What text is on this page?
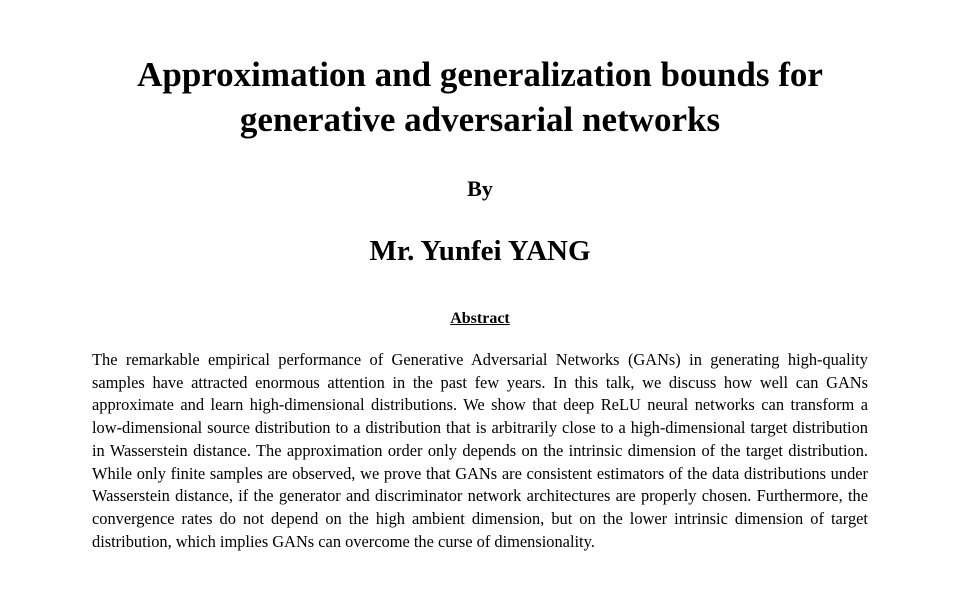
Approximation and generalization bounds for generative adversarial networks

By

Mr. Yunfei YANG

Abstract

The remarkable empirical performance of Generative Adversarial Networks (GANs) in generating high-quality samples have attracted enormous attention in the past few years. In this talk, we discuss how well can GANs approximate and learn high-dimensional distributions. We show that deep ReLU neural networks can transform a low-dimensional source distribution to a distribution that is arbitrarily close to a high-dimensional target distribution in Wasserstein distance. The approximation order only depends on the intrinsic dimension of the target distribution. While only finite samples are observed, we prove that GANs are consistent estimators of the data distributions under Wasserstein distance, if the generator and discriminator network architectures are properly chosen. Furthermore, the convergence rates do not depend on the high ambient dimension, but on the lower intrinsic dimension of target distribution, which implies GANs can overcome the curse of dimensionality.
